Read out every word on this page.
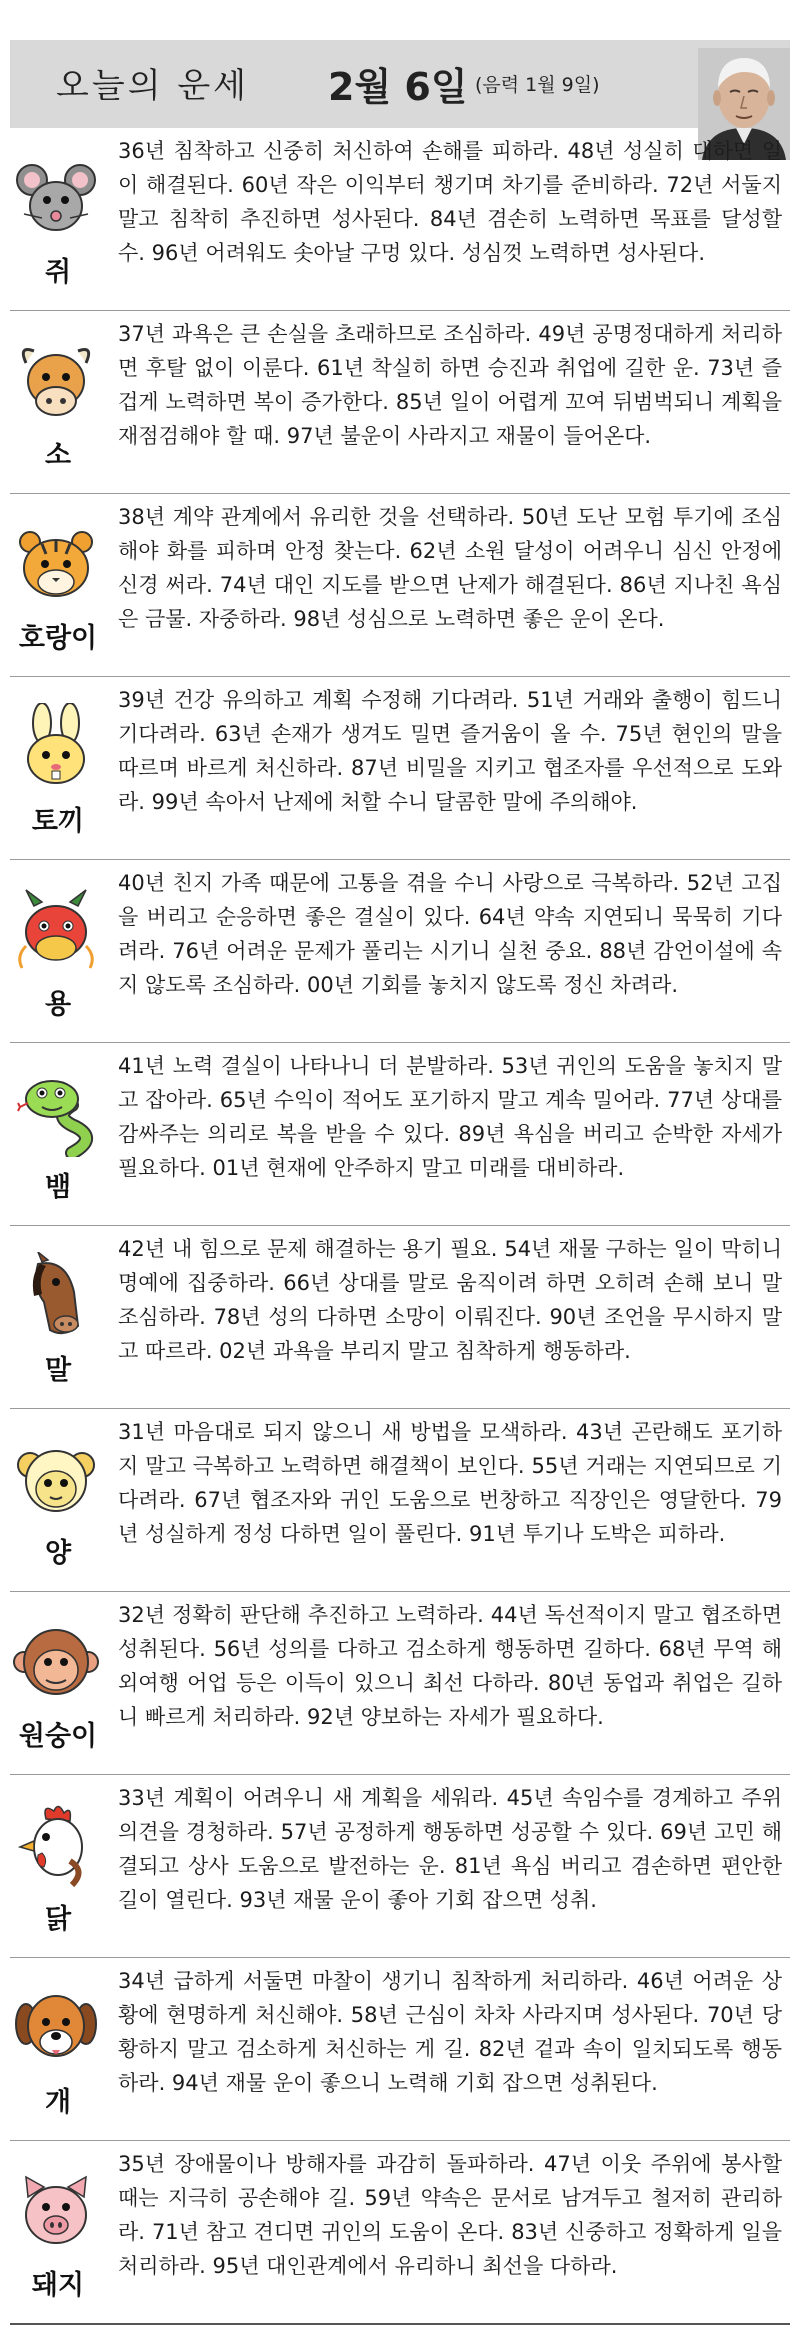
오늘의 운세 2월 6일 (음력 1월 9일)
쥐
36년 침착하고 신중히 처신하여 손해를 피하라. 48년 성실히 대하면 일이 해결된다. 60년 작은 이익부터 챙기며 차기를 준비하라. 72년 서둘지 말고 침착히 추진하면 성사된다. 84년 겸손히 노력하면 목표를 달성할 수. 96년 어려워도 솟아날 구멍 있다. 성심껏 노력하면 성사된다.
소
37년 과욕은 큰 손실을 초래하므로 조심하라. 49년 공명정대하게 처리하면 후탈 없이 이룬다. 61년 착실히 하면 승진과 취업에 길한 운. 73년 즐겁게 노력하면 복이 증가한다. 85년 일이 어렵게 꼬여 뒤범벅되니 계획을 재점검해야 할 때. 97년 불운이 사라지고 재물이 들어온다.
호랑이
38년 계약 관계에서 유리한 것을 선택하라. 50년 도난 모험 투기에 조심해야 화를 피하며 안정 찾는다. 62년 소원 달성이 어려우니 심신 안정에 신경 써라. 74년 대인 지도를 받으면 난제가 해결된다. 86년 지나친 욕심은 금물. 자중하라. 98년 성심으로 노력하면 좋은 운이 온다.
토끼
39년 건강 유의하고 계획 수정해 기다려라. 51년 거래와 출행이 힘드니 기다려라. 63년 손재가 생겨도 밀면 즐거움이 올 수. 75년 현인의 말을 따르며 바르게 처신하라. 87년 비밀을 지키고 협조자를 우선적으로 도와라. 99년 속아서 난제에 처할 수니 달콤한 말에 주의해야.
용
40년 친지 가족 때문에 고통을 겪을 수니 사랑으로 극복하라. 52년 고집을 버리고 순응하면 좋은 결실이 있다. 64년 약속 지연되니 묵묵히 기다려라. 76년 어려운 문제가 풀리는 시기니 실천 중요. 88년 감언이설에 속지 않도록 조심하라. 00년 기회를 놓치지 않도록 정신 차려라.
뱀
41년 노력 결실이 나타나니 더 분발하라. 53년 귀인의 도움을 놓치지 말고 잡아라. 65년 수익이 적어도 포기하지 말고 계속 밀어라. 77년 상대를 감싸주는 의리로 복을 받을 수 있다. 89년 욕심을 버리고 순박한 자세가 필요하다. 01년 현재에 안주하지 말고 미래를 대비하라.
말
42년 내 힘으로 문제 해결하는 용기 필요. 54년 재물 구하는 일이 막히니 명예에 집중하라. 66년 상대를 말로 움직이려 하면 오히려 손해 보니 말조심하라. 78년 성의 다하면 소망이 이뤄진다. 90년 조언을 무시하지 말고 따르라. 02년 과욕을 부리지 말고 침착하게 행동하라.
양
31년 마음대로 되지 않으니 새 방법을 모색하라. 43년 곤란해도 포기하지 말고 극복하고 노력하면 해결책이 보인다. 55년 거래는 지연되므로 기다려라. 67년 협조자와 귀인 도움으로 번창하고 직장인은 영달한다. 79년 성실하게 정성 다하면 일이 풀린다. 91년 투기나 도박은 피하라.
원숭이
32년 정확히 판단해 추진하고 노력하라. 44년 독선적이지 말고 협조하면 성취된다. 56년 성의를 다하고 검소하게 행동하면 길하다. 68년 무역 해외여행 어업 등은 이득이 있으니 최선 다하라. 80년 동업과 취업은 길하니 빠르게 처리하라. 92년 양보하는 자세가 필요하다.
닭
33년 계획이 어려우니 새 계획을 세워라. 45년 속임수를 경계하고 주위 의견을 경청하라. 57년 공정하게 행동하면 성공할 수 있다. 69년 고민 해결되고 상사 도움으로 발전하는 운. 81년 욕심 버리고 겸손하면 편안한 길이 열린다. 93년 재물 운이 좋아 기회 잡으면 성취.
개
34년 급하게 서둘면 마찰이 생기니 침착하게 처리하라. 46년 어려운 상황에 현명하게 처신해야. 58년 근심이 차차 사라지며 성사된다. 70년 당황하지 말고 검소하게 처신하는 게 길. 82년 겉과 속이 일치되도록 행동하라. 94년 재물 운이 좋으니 노력해 기회 잡으면 성취된다.
돼지
35년 장애물이나 방해자를 과감히 돌파하라. 47년 이웃 주위에 봉사할 때는 지극히 공손해야 길. 59년 약속은 문서로 남겨두고 철저히 관리하라. 71년 참고 견디면 귀인의 도움이 온다. 83년 신중하고 정확하게 일을 처리하라. 95년 대인관계에서 유리하니 최선을 다하라.
